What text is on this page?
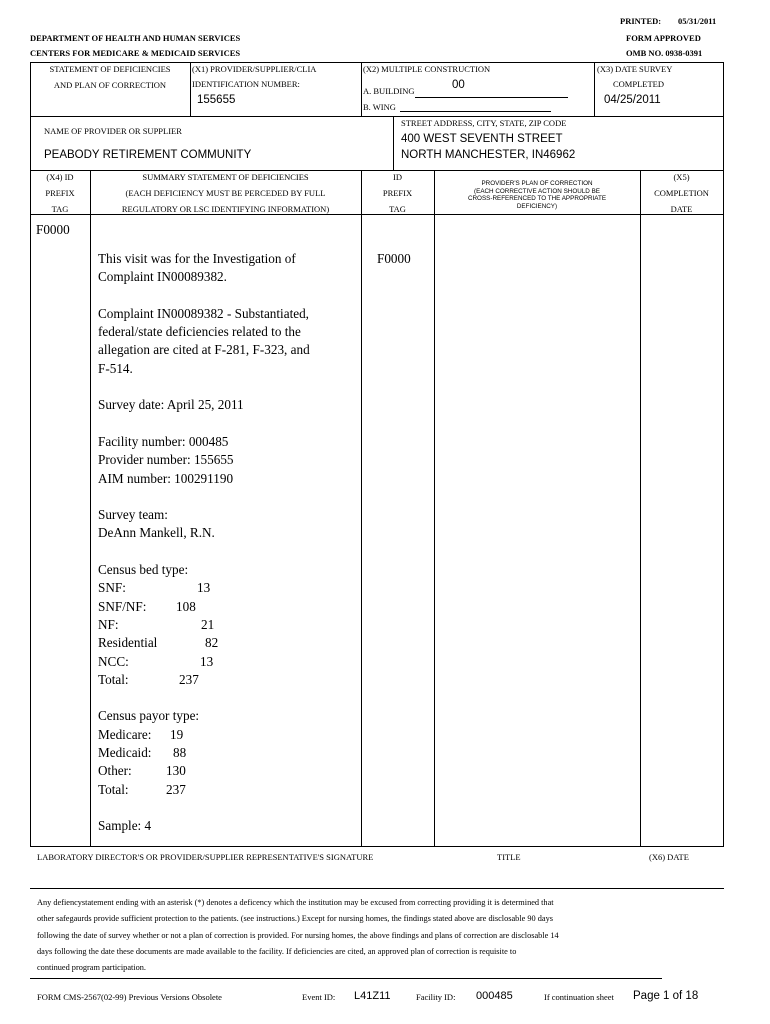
PRINTED: 05/31/2011
DEPARTMENT OF HEALTH AND HUMAN SERVICES	FORM APPROVED
CENTERS FOR MEDICARE & MEDICAID SERVICES	OMB NO. 0938-0391
STATEMENT OF DEFICIENCIES
AND PLAN OF CORRECTION
(X1) PROVIDER/SUPPLIER/CLIA
IDENTIFICATION NUMBER:
155655
(X2) MULTIPLE CONSTRUCTION
A. BUILDING	00
B. WING
(X3) DATE SURVEY
COMPLETED
04/25/2011
NAME OF PROVIDER OR SUPPLIER
PEABODY RETIREMENT COMMUNITY
STREET ADDRESS, CITY, STATE, ZIP CODE
400 WEST SEVENTH STREET
NORTH MANCHESTER, IN46962
(X4) ID
PREFIX
TAG
SUMMARY STATEMENT OF DEFICIENCIES
(EACH DEFICIENCY MUST BE PERCEDED BY FULL
REGULATORY OR LSC IDENTIFYING INFORMATION)
ID
PREFIX
TAG
PROVIDER'S PLAN OF CORRECTION
(EACH CORRECTIVE ACTION SHOULD BE
CROSS-REFERENCED TO THE APPROPRIATE
DEFICIENCY)
(X5)
COMPLETION
DATE
F0000
F0000
This visit was for the Investigation of
Complaint IN00089382.
Complaint IN00089382 - Substantiated,
federal/state deficiencies related to the
allegation are cited at F-281, F-323, and
F-514.
Survey date: April 25, 2011
Facility number: 000485
Provider number: 155655
AIM number: 100291190
Survey team:
DeAnn Mankell, R.N.
Census bed type:
SNF:	13
SNF/NF: 108
NF:	21
Residential	82
NCC:	13
Total:	237
Census payor type:
Medicare: 19
Medicaid: 88
Other:	130
Total:	237
Sample: 4
LABORATORY DIRECTOR'S OR PROVIDER/SUPPLIER REPRESENTATIVE'S SIGNATURE	TITLE	(X6) DATE
Any defiencystatement ending with an asterisk (*) denotes a deficency which the institution may be excused from correcting providing it is determined that
other safegaurds provide sufficient protection to the patients. (see instructions.) Except for nursing homes, the findings stated above are disclosable 90 days
following the date of survey whether or not a plan of correction is provided. For nursing homes, the above findings and plans of correction are disclosable 14
days following the date these documents are made available to the facility. If deficiencies are cited, an approved plan of correction is requisite to
continued program participation.
FORM CMS-2567(02-99) Previous Versions Obsolete	Event ID: L41Z11	Facility ID: 000485	If continuation sheet Page 1 of 18
